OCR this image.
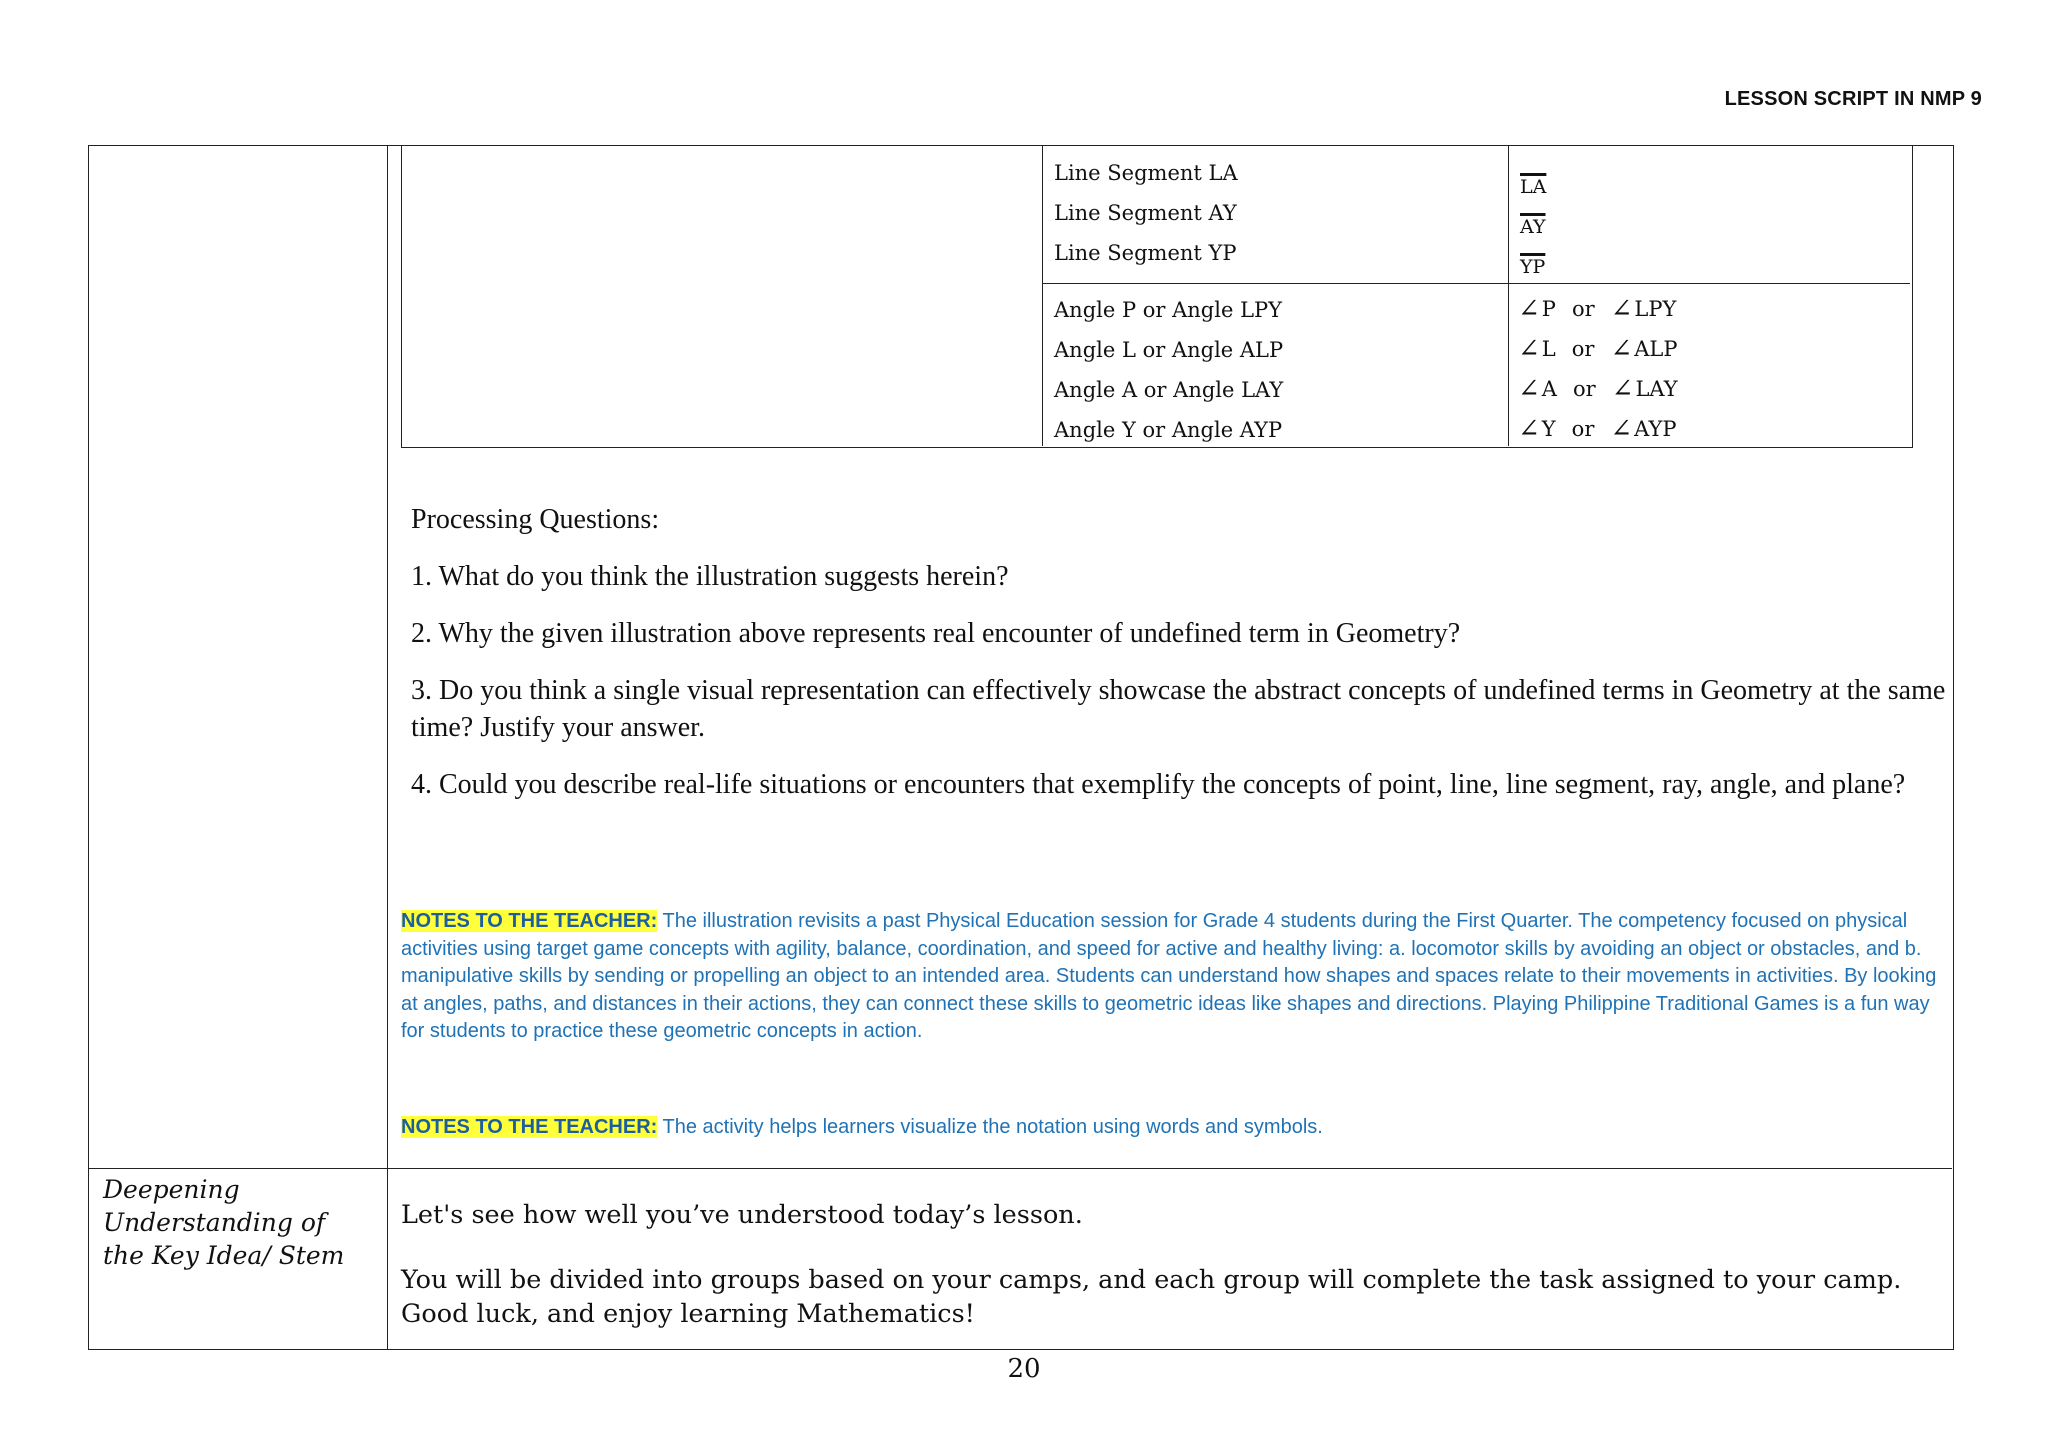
LESSON SCRIPT IN NMP 9
Line Segment LA
Line Segment AY
Line Segment YP
$\overline{LA}$
$\overline{AY}$
$\overline{YP}$
Angle P or Angle LPY
Angle L or Angle ALP
Angle A or Angle LAY
Angle Y or Angle AYP
∠ P or ∠ LPY
∠ L or ∠ ALP
∠ A or ∠ LAY
∠ Y or ∠ AYP

Processing Questions:

1. What do you think the illustration suggests herein?

2. Why the given illustration above represents real encounter of undefined term in Geometry?

3. Do you think a single visual representation can effectively showcase the abstract concepts of undefined terms in Geometry at the same time? Justify your answer.

4. Could you describe real-life situations or encounters that exemplify the concepts of point, line, line segment, ray, angle, and plane?

NOTES TO THE TEACHER: The illustration revisits a past Physical Education session for Grade 4 students during the First Quarter. The competency focused on physical activities using target game concepts with agility, balance, coordination, and speed for active and healthy living: a. locomotor skills by avoiding an object or obstacles, and b. manipulative skills by sending or propelling an object to an intended area. Students can understand how shapes and spaces relate to their movements in activities. By looking at angles, paths, and distances in their actions, they can connect these skills to geometric ideas like shapes and directions. Playing Philippine Traditional Games is a fun way for students to practice these geometric concepts in action.
NOTES TO THE TEACHER: The activity helps learners visualize the notation using words and symbols.
Deepening Understanding of the Key Idea/ Stem

Let's see how well you’ve understood today’s lesson.

You will be divided into groups based on your camps, and each group will complete the task assigned to your camp. Good luck, and enjoy learning Mathematics!

20
